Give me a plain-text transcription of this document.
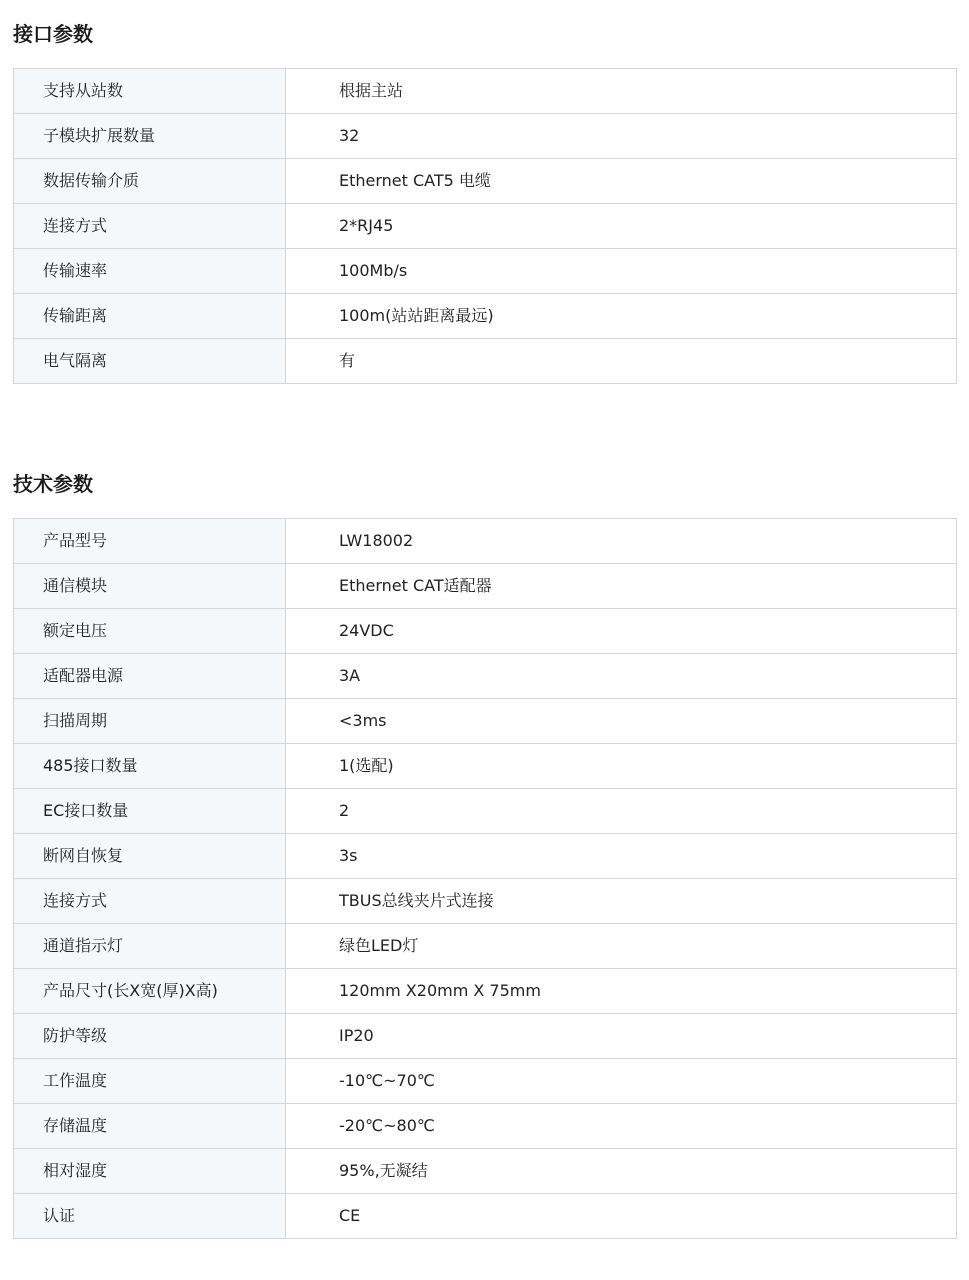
接口参数
支持从站数	根据主站
子模块扩展数量	32
数据传输介质	Ethernet CAT5 电缆
连接方式	2*RJ45
传输速率	100Mb/s
传输距离	100m(站站距离最远)
电气隔离	有
技术参数
产品型号	LW18002
通信模块	Ethernet CAT适配器
额定电压	24VDC
适配器电源	3A
扫描周期	<3ms
485接口数量	1(选配)
EC接口数量	2
断网自恢复	3s
连接方式	TBUS总线夹片式连接
通道指示灯	绿色LED灯
产品尺寸(长X宽(厚)X高)	120mm X20mm X 75mm
防护等级	IP20
工作温度	-10℃~70℃
存储温度	-20℃~80℃
相对湿度	95%,无凝结
认证	CE
